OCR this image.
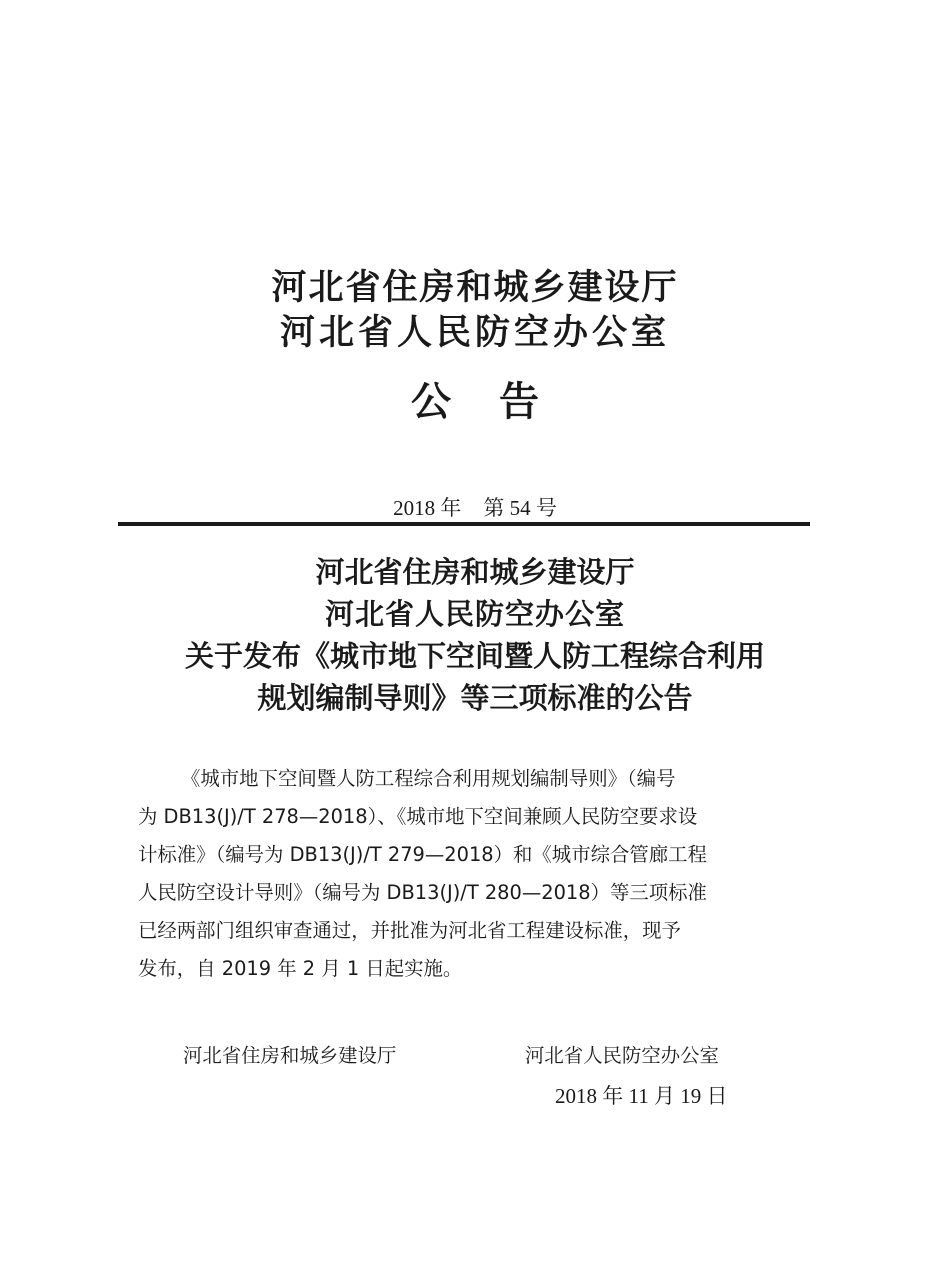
河北省住房和城乡建设厅
河北省人民防空办公室
公 告
2018 年 第 54 号
河北省住房和城乡建设厅
河北省人民防空办公室
关于发布《城市地下空间暨人防工程综合利用
规划编制导则》等三项标准的公告

《城市地下空间暨人防工程综合利用规划编制导则》（编号
为 DB13(J)/T 278—2018）、《城市地下空间兼顾人民防空要求设
计标准》（编号为 DB13(J)/T 279—2018）和《城市综合管廊工程
人民防空设计导则》（编号为 DB13(J)/T 280—2018）等三项标准
已经两部门组织审查通过，并批准为河北省工程建设标准，现予
发布，自 2019 年 2 月 1 日起实施。

河北省住房和城乡建设厅	河北省人民防空办公室
2018 年 11 月 19 日
